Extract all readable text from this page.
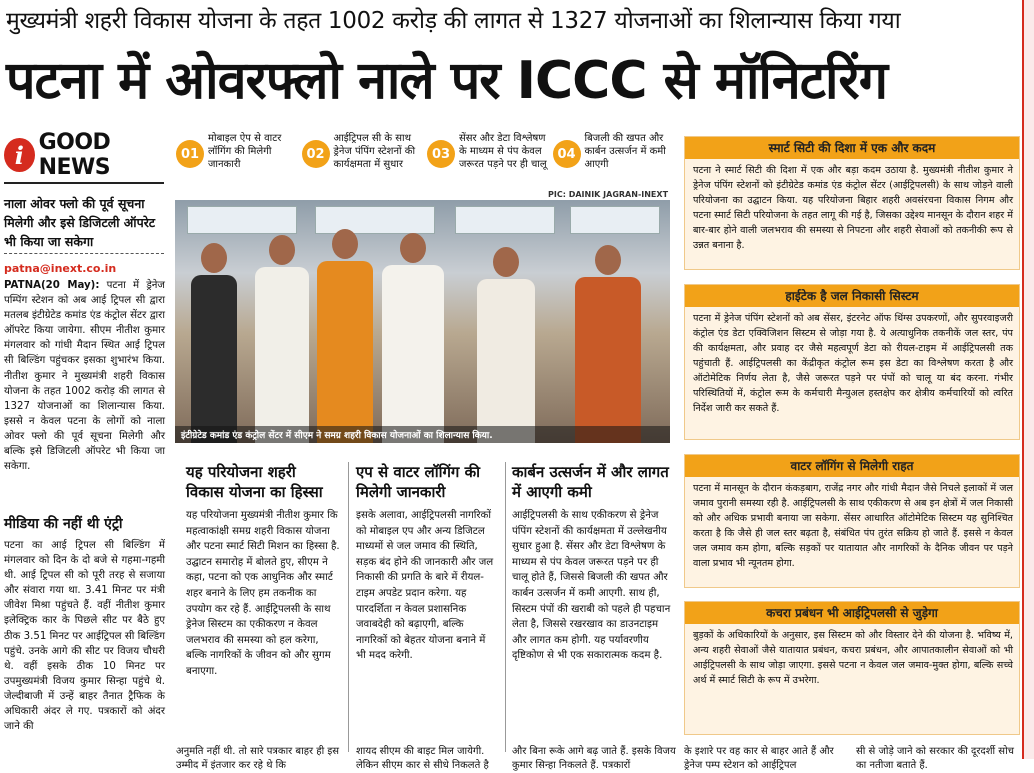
मुख्यमंत्री शहरी विकास योजना के तहत 1002 करोड़ की लागत से 1327 योजनाओं का शिलान्यास किया गया
पटना में ओवरफ्लो नाले पर ICCC से मॉनिटरिंग
i GOOD NEWS
नाला ओवर फ्लो की पूर्व सूचना मिलेगी और इसे डिजिटली ऑपरेट भी किया जा सकेगा
patna@inext.co.in
PATNA(20 May): पटना में ड्रेनेज पम्पिंग स्टेशन को अब आई ट्रिपल सी द्वारा मतलब इंटीग्रेटेड कमांड एंड कंट्रोल सेंटर द्वारा ऑपरेट किया जायेगा. सीएम नीतीश कुमार मंगलवार को गांधी मैदान स्थित आई ट्रिपल सी बिल्डिंग पहुंचकर इसका शुभारंभ किया. नीतीश कुमार ने मुख्यमंत्री शहरी विकास योजना के तहत 1002 करोड़ की लागत से 1327 योजनाओं का शिलान्यास किया. इससे न केवल पटना के लोगों को नाला ओवर फ्लो की पूर्व सूचना मिलेगी और बल्कि इसे डिजिटली ऑपरेट भी किया जा सकेगा.
मीडिया की नहीं थी एंट्री
पटना का आई ट्रिपल सी बिल्डिंग में मंगलवार को दिन के दो बजे से गहमा-गहमी थी. आई ट्रिपल सी को पूरी तरह से सजाया और संवारा गया था. 3.41 मिनट पर मंत्री जीवेश मिश्रा पहुंचते हैं. वहीं नीतीश कुमार इलेक्ट्रिक कार के पिछले सीट पर बैठे हुए ठीक 3.51 मिनट पर आईट्रिपल सी बिल्डिंग पहुंचे. उनके आगे की सीट पर विजय चौधरी थे. वहीं इसके ठीक 10 मिनट पर उपमुख्यमंत्री विजय कुमार सिन्हा पहुंचे थे. जेल्दीबाजी में उन्हें बाहर तैनात ट्रैफिक के अधिकारी अंदर ले गए. पत्रकारों को अंदर जाने की
01
मोबाइल ऐप से वाटर लॉगिंग की मिलेगी जानकारी
02
आईट्रिपल सी के साथ ड्रेनेज पंपिंग स्टेशनों की कार्यक्षमता में सुधार
03
सेंसर और डेटा विश्लेषण के माध्यम से पंप केवल जरूरत पड़ने पर ही चालू
04
बिजली की खपत और कार्बन उत्सर्जन में कमी आएगी
PIC: DAINIK JAGRAN-INEXT
इंटीग्रेटेड कमांड एंड कंट्रोल सेंटर में सीएम ने समग्र शहरी विकास योजनाओं का शिलान्यास किया.
यह परियोजना शहरी विकास योजना का हिस्सा
यह परियोजना मुख्यमंत्री नीतीश कुमार कि महत्वाकांक्षी समग्र शहरी विकास योजना और पटना स्मार्ट सिटी मिशन का हिस्सा है. उद्घाटन समारोह में बोलते हुए, सीएम ने कहा, पटना को एक आधुनिक और स्मार्ट शहर बनाने के लिए हम तकनीक का उपयोग कर रहे हैं. आईट्रिपलसी के साथ ड्रेनेज सिस्टम का एकीकरण न केवल जलभराव की समस्या को हल करेगा, बल्कि नागरिकों के जीवन को और सुगम बनाएगा.
एप से वाटर लॉगिंग की मिलेगी जानकारी
इसके अलावा, आईट्रिपलसी नागरिकों को मोबाइल एप और अन्य डिजिटल माध्यमों से जल जमाव की स्थिति, सड़क बंद होने की जानकारी और जल निकासी की प्रगति के बारे में रीयल-टाइम अपडेट प्रदान करेगा. यह पारदर्शिता न केवल प्रशासनिक जवाबदेही को बढ़ाएगी, बल्कि नागरिकों को बेहतर योजना बनाने में भी मदद करेगी.
कार्बन उत्सर्जन में और लागत में आएगी कमी
आईट्रिपलसी के साथ एकीकरण से ड्रेनेज पंपिंग स्टेशनों की कार्यक्षमता में उल्लेखनीय सुधार हुआ है. सेंसर और डेटा विश्लेषण के माध्यम से पंप केवल जरूरत पड़ने पर ही चालू होते हैं, जिससे बिजली की खपत और कार्बन उत्सर्जन में कमी आएगी. साथ ही, सिस्टम पंपों की खराबी को पहले ही पहचान लेता है, जिससे रखरखाव का डाउनटाइम और लागत कम होगी. यह पर्यावरणीय दृष्टिकोण से भी एक सकारात्मक कदम है.
अनुमति नहीं थी. तो सारे पत्रकार बाहर ही इस उम्मीद में इंतजार कर रहे थे कि
शायद सीएम की बाइट मिल जायेगी. लेकिन सीएम कार से सीधे निकलते है
और बिना रूके आगे बढ़ जाते हैं. इसके विजय कुमार सिन्हा निकलते हैं. पत्रकारों
स्मार्ट सिटी की दिशा में एक और कदम
पटना ने स्मार्ट सिटी की दिशा में एक और बड़ा कदम उठाया है. मुख्यमंत्री नीतीश कुमार ने ड्रेनेज पंपिंग स्टेशनों को इंटीग्रेटेड कमांड एंड कंट्रोल सेंटर (आईट्रिपलसी) के साथ जोड़ने वाली परियोजना का उद्घाटन किया. यह परियोजना बिहार शहरी अवसंरचना विकास निगम और पटना स्मार्ट सिटी परियोजना के तहत लागू की गई है, जिसका उद्देश्य मानसून के दौरान शहर में बार-बार होने वाली जलभराव की समस्या से निपटना और शहरी सेवाओं को तकनीकी रूप से उन्नत बनाना है.
हाईटेक है जल निकासी सिस्टम
पटना में ड्रेनेज पंपिंग स्टेशनों को अब सेंसर, इंटरनेट ऑफ थिंग्स उपकरणों, और सुपरवाइजरी कंट्रोल एंड डेटा एक्विजिशन सिस्टम से जोड़ा गया है. ये अत्याधुनिक तकनीकें जल स्तर, पंप की कार्यक्षमता, और प्रवाह दर जैसे महत्वपूर्ण डेटा को रीयल-टाइम में आईट्रिपलसी तक पहुंचाती हैं. आईट्रिपलसी का केंद्रीकृत कंट्रोल रूम इस डेटा का विश्लेषण करता है और ऑटोमेटिक निर्णय लेता है, जैसे जरूरत पड़ने पर पंपों को चालू या बंद करना. गंभीर परिस्थितियों में, कंट्रोल रूम के कर्मचारी मैन्युअल हस्तक्षेप कर क्षेत्रीय कर्मचारियों को त्वरित निर्देश जारी कर सकते हैं.
वाटर लॉगिंग से मिलेगी राहत
पटना में मानसून के दौरान कंकड़बाग, राजेंद्र नगर और गांधी मैदान जैसे निचले इलाकों में जल जमाव पुरानी समस्या रही है. आईट्रिपलसी के साथ एकीकरण से अब इन क्षेत्रों में जल निकासी को और अधिक प्रभावी बनाया जा सकेगा. सेंसर आधारित ऑटोमेटिक सिस्टम यह सुनिश्चित करता है कि जैसे ही जल स्तर बढ़ता है, संबंधित पंप तुरंत सक्रिय हो जाते हैं. इससे न केवल जल जमाव कम होगा, बल्कि सड़कों पर यातायात और नागरिकों के दैनिक जीवन पर पड़ने वाला प्रभाव भी न्यूनतम होगा.
कचरा प्रबंधन भी आईट्रिपलसी से जुड़ेगा
बुड़कों के अधिकारियों के अनुसार, इस सिस्टम को और विस्तार देने की योजना है. भविष्य में, अन्य शहरी सेवाओं जैसे यातायात प्रबंधन, कचरा प्रबंधन, और आपातकालीन सेवाओं को भी आईट्रिपलसी के साथ जोड़ा जाएगा. इससे पटना न केवल जल जमाव-मुक्त होगा, बल्कि सच्चे अर्थ में स्मार्ट सिटी के रूप में उभरेगा.
के इशारे पर वह कार से बाहर आते हैं और ड्रेनेज पम्प स्टेशन को आईट्रिपल
सी से जोड़े जाने को सरकार की दूरदर्शी सोच का नतीजा बताते हैं.
